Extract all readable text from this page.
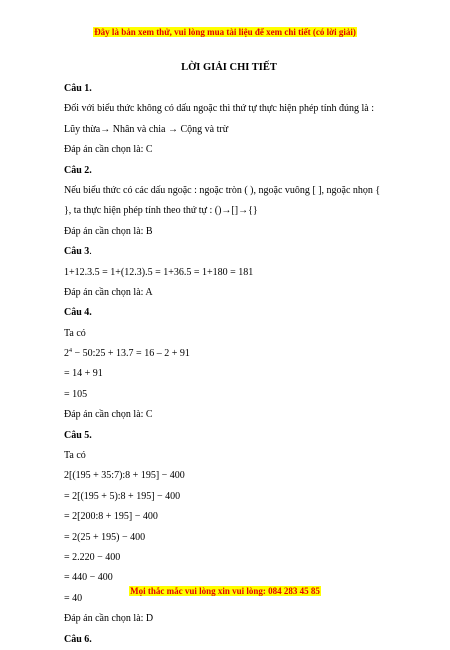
Đây là bản xem thử, vui lòng mua tài liệu để xem chi tiết (có lời giải)
LỜI GIẢI CHI TIẾT
Câu 1.
Đối với biểu thức không có dấu ngoặc thì thứ tự thực hiện phép tính đúng là :
Lũy thừa→ Nhân và chia → Cộng và trừ
Đáp án cần chọn là: C
Câu 2.
Nếu biểu thức có các dấu ngoặc : ngoặc tròn ( ), ngoặc vuông [ ], ngoặc nhọn {
}, ta thực hiện phép tính theo thứ tự : ()→[]→{}
Đáp án cần chọn là: B
Câu 3.
1+12.3.5 = 1+(12.3).5 = 1+36.5 = 1+180 = 181
Đáp án cần chọn là: A
Câu 4.
Ta có
$2^4$ − 50:25 + 13.7 = 16 – 2 + 91
= 14 + 91
= 105
Đáp án cần chọn là: C
Câu 5.
Ta có
2[(195 + 35:7):8 + 195] − 400
= 2[(195 + 5):8 + 195] − 400
= 2[200:8 + 195] − 400
= 2(25 + 195) − 400
= 2.220 − 400
= 440 − 400
= 40
Đáp án cần chọn là: D
Câu 6.
Mọi thắc mắc vui lòng xin vui lòng: 084 283 45 85
